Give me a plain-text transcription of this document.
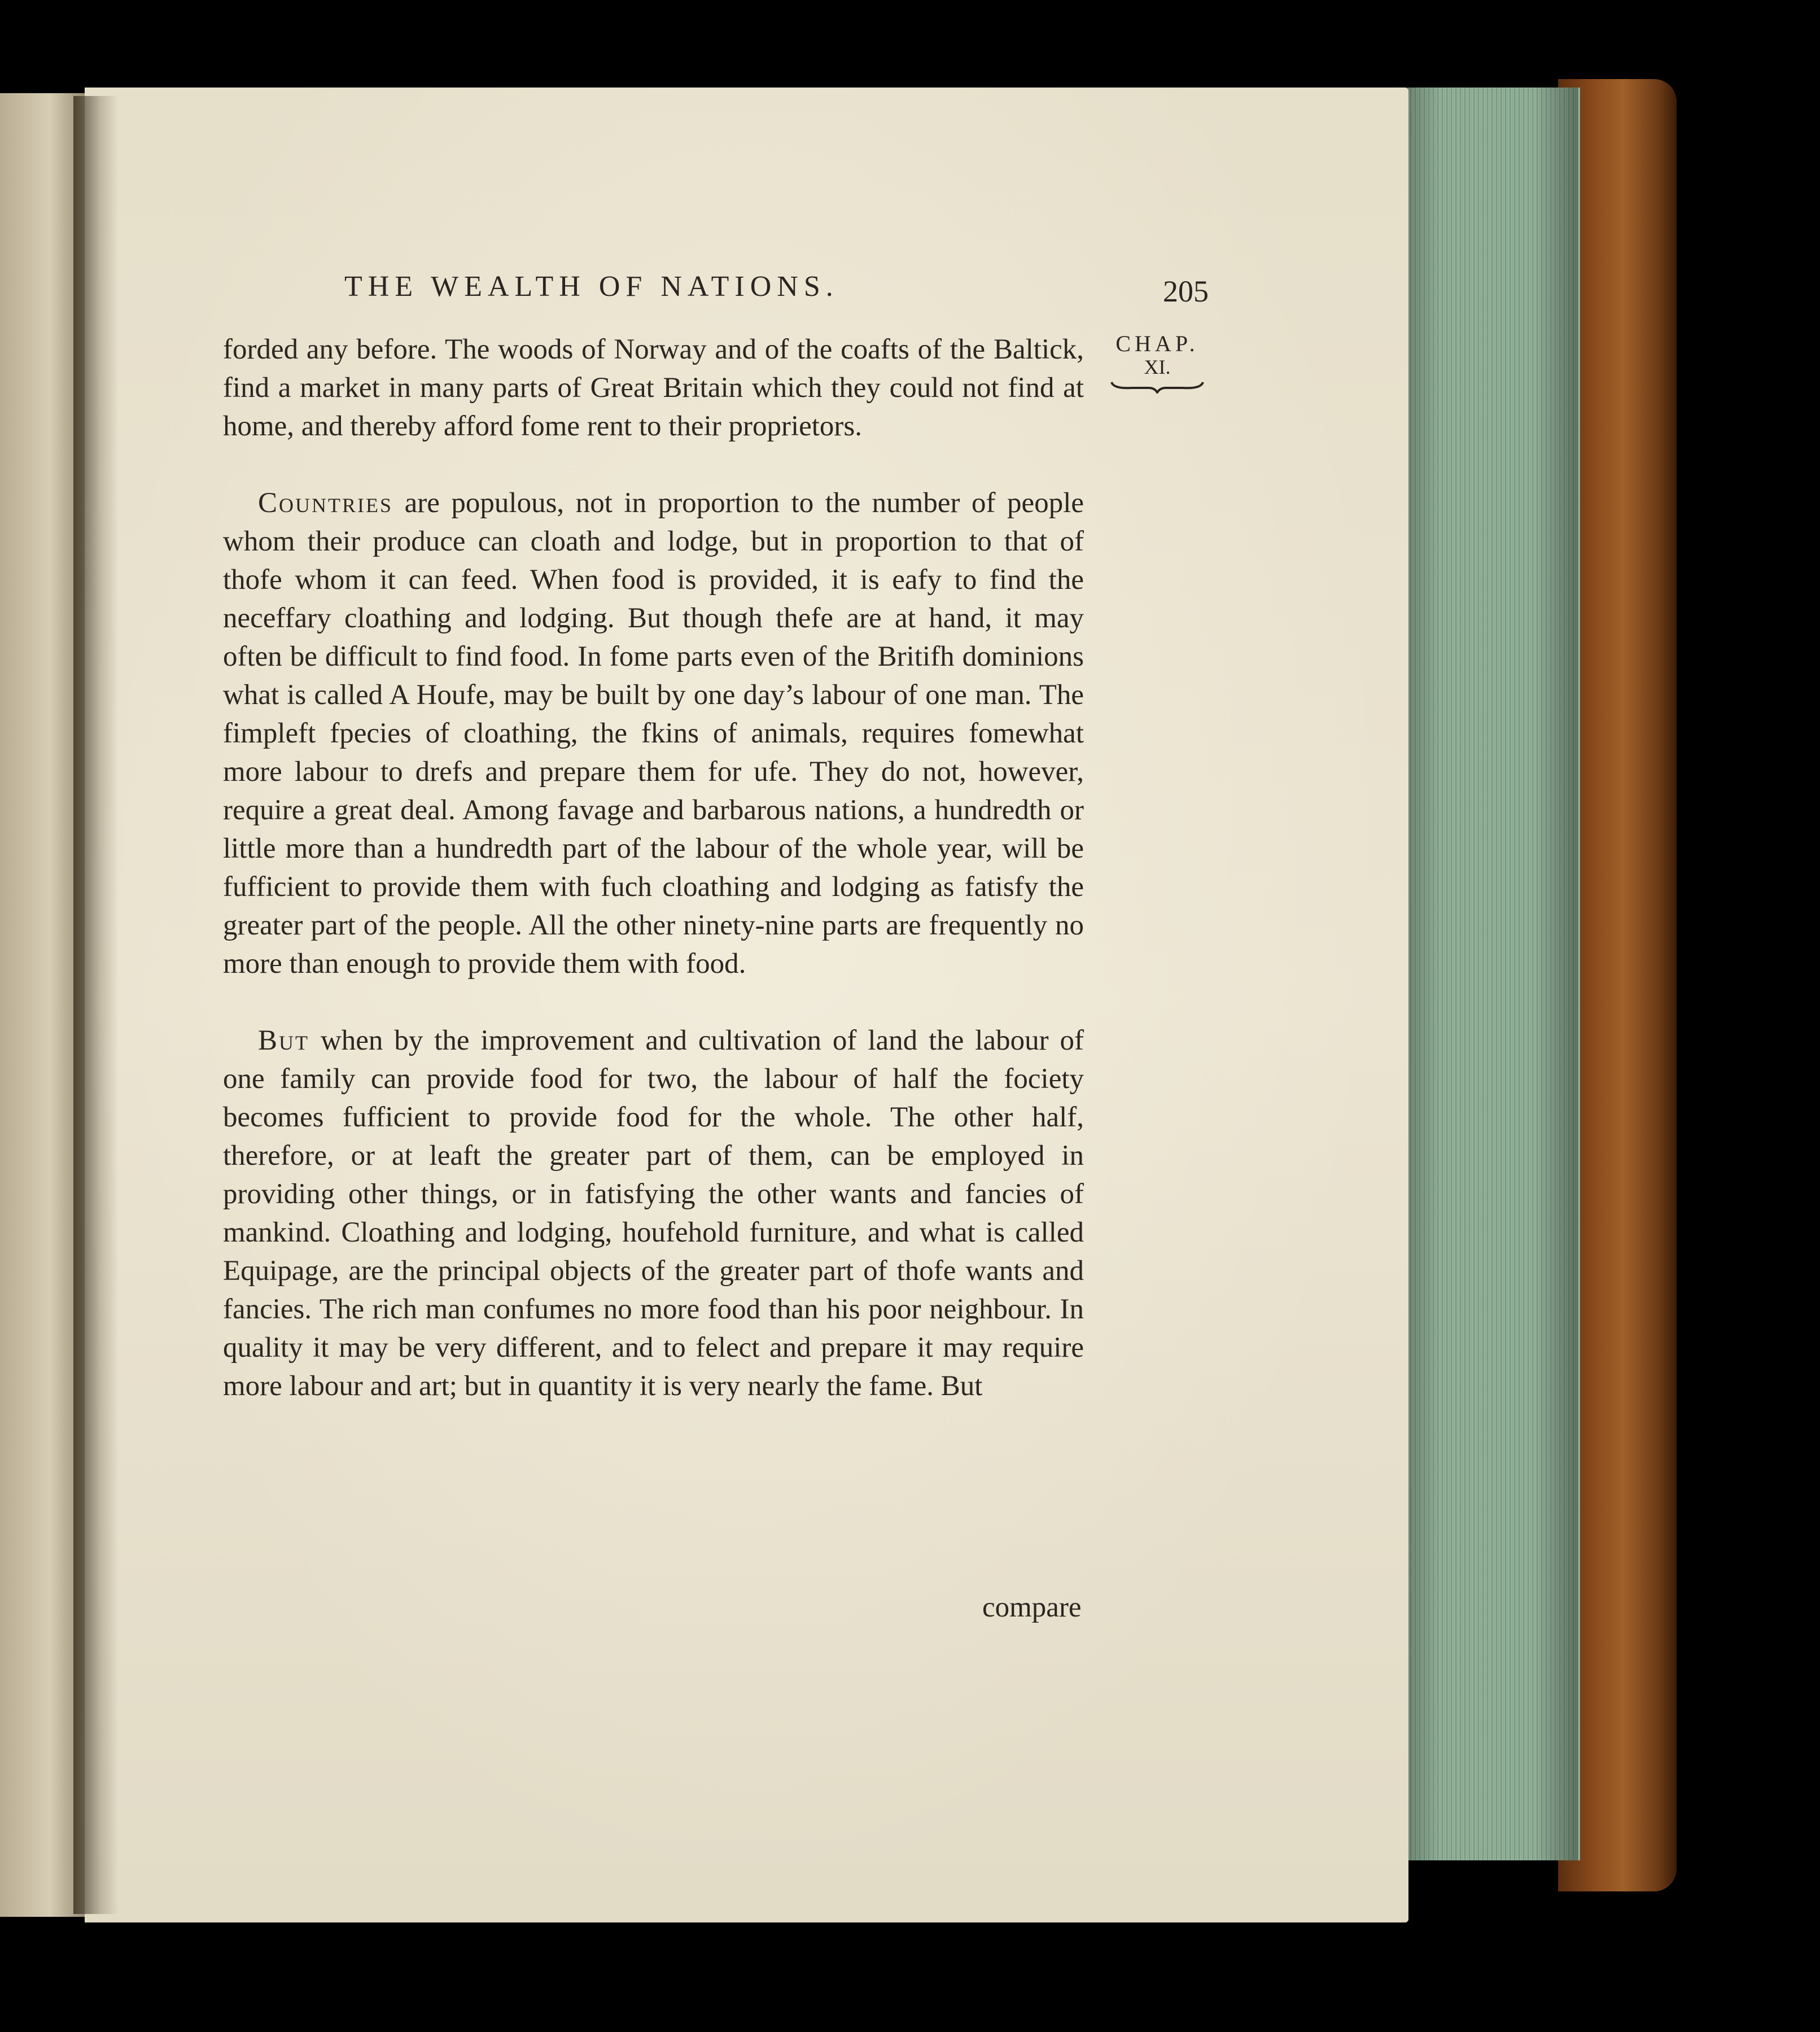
THE WEALTH OF NATIONS.	205
CHAP.
XI.

forded any before. The woods of Norway and of the coafts of the Baltick, find a market in many parts of Great Britain which they could not find at home, and thereby afford fome rent to their proprietors.

Countries are populous, not in proportion to the number of people whom their produce can cloath and lodge, but in proportion to that of thofe whom it can feed. When food is provided, it is eafy to find the neceffary cloathing and lodging. But though thefe are at hand, it may often be difficult to find food. In fome parts even of the Britifh dominions what is called A Houfe, may be built by one day’s labour of one man. The fimpleft fpecies of cloathing, the fkins of animals, requires fomewhat more labour to drefs and prepare them for ufe. They do not, however, require a great deal. Among favage and barbarous nations, a hundredth or little more than a hundredth part of the labour of the whole year, will be fufficient to provide them with fuch cloathing and lodging as fatisfy the greater part of the people. All the other ninety-nine parts are frequently no more than enough to provide them with food.

But when by the improvement and cultivation of land the labour of one family can provide food for two, the labour of half the fociety becomes fufficient to provide food for the whole. The other half, therefore, or at leaft the greater part of them, can be employed in providing other things, or in fatisfying the other wants and fancies of mankind. Cloathing and lodging, houfehold furniture, and what is called Equipage, are the principal objects of the greater part of thofe wants and fancies. The rich man confumes no more food than his poor neighbour. In quality it may be very different, and to felect and prepare it may require more labour and art; but in quantity it is very nearly the fame. But

compare
